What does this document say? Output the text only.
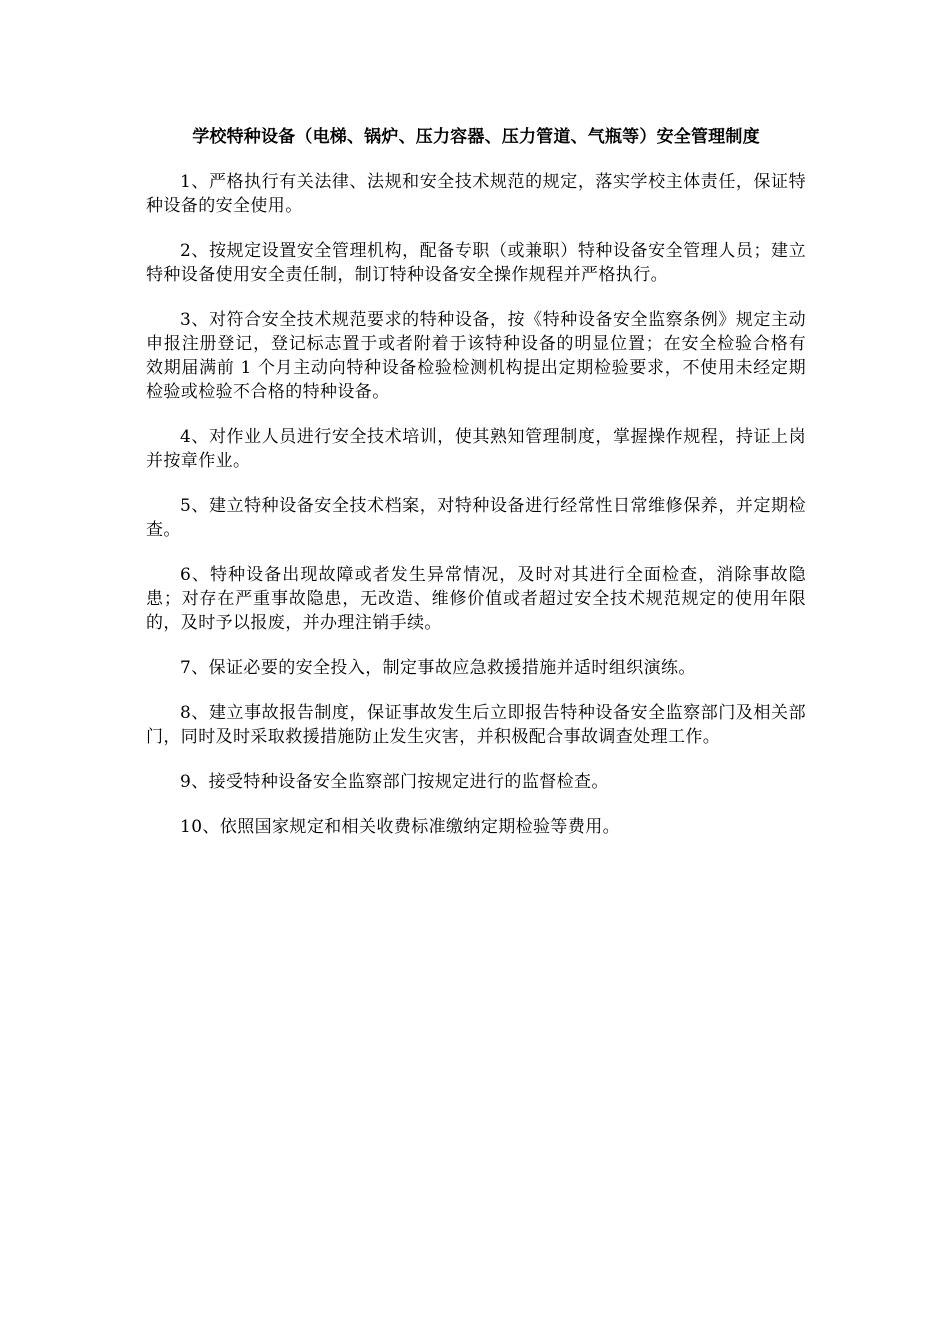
学校特种设备（电梯、锅炉、压力容器、压力管道、气瓶等）安全管理制度

1、严格执行有关法律、法规和安全技术规范的规定，落实学校主体责任，保证特种设备的安全使用。

2、按规定设置安全管理机构，配备专职（或兼职）特种设备安全管理人员；建立特种设备使用安全责任制，制订特种设备安全操作规程并严格执行。

3、对符合安全技术规范要求的特种设备，按《特种设备安全监察条例》规定主动申报注册登记，登记标志置于或者附着于该特种设备的明显位置；在安全检验合格有效期届满前 1 个月主动向特种设备检验检测机构提出定期检验要求，不使用未经定期检验或检验不合格的特种设备。

4、对作业人员进行安全技术培训，使其熟知管理制度，掌握操作规程，持证上岗并按章作业。

5、建立特种设备安全技术档案，对特种设备进行经常性日常维修保养，并定期检查。

6、特种设备出现故障或者发生异常情况，及时对其进行全面检查，消除事故隐患；对存在严重事故隐患，无改造、维修价值或者超过安全技术规范规定的使用年限的，及时予以报废，并办理注销手续。

7、保证必要的安全投入，制定事故应急救援措施并适时组织演练。

8、建立事故报告制度，保证事故发生后立即报告特种设备安全监察部门及相关部门，同时及时采取救援措施防止发生灾害，并积极配合事故调查处理工作。

9、接受特种设备安全监察部门按规定进行的监督检查。

10、依照国家规定和相关收费标准缴纳定期检验等费用。
